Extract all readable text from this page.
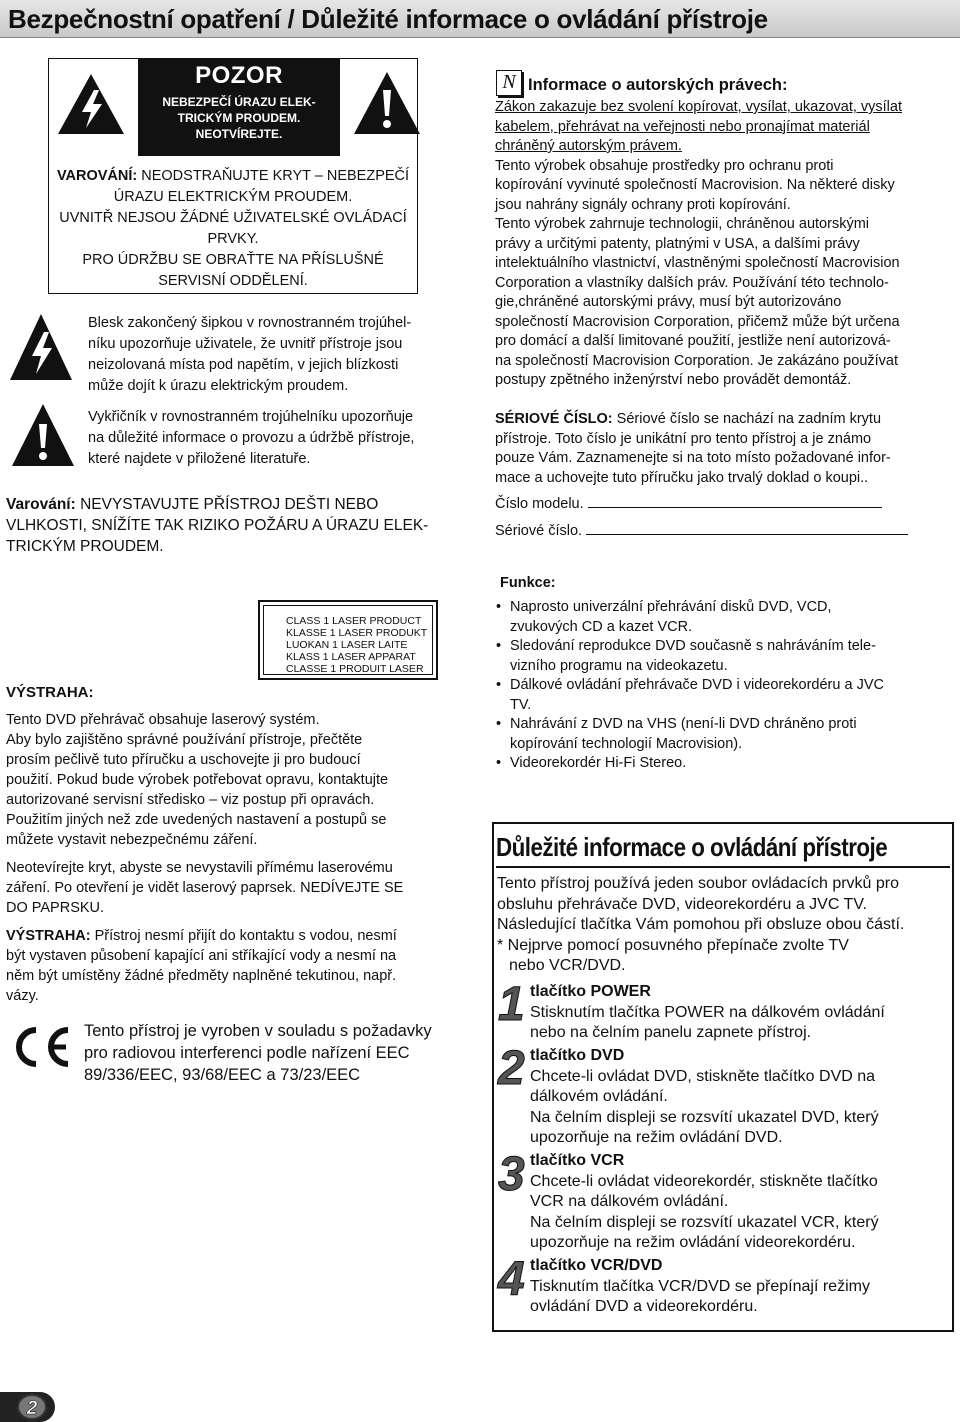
Bezpečnostní opatření / Důležité informace o ovládání přístroje
POZOR
NEBEZPEČÍ ÚRAZU ELEK-
TRICKÝM PROUDEM.
NEOTVÍREJTE.
VAROVÁNÍ: NEODSTRAŇUJTE KRYT – NEBEZPEČÍ
ÚRAZU ELEKTRICKÝM PROUDEM.
UVNITŘ NEJSOU ŽÁDNÉ UŽIVATELSKÉ OVLÁDACÍ
PRVKY.
PRO ÚDRŽBU SE OBRAŤTE NA PŘÍSLUŠNÉ
SERVISNÍ ODDĚLENÍ.
Blesk zakončený šipkou v rovnostranném trojúhel-
níku upozorňuje uživatele, že uvnitř přístroje jsou
neizolovaná místa pod napětím, v jejich blízkosti
může dojít k úrazu elektrickým proudem.
Vykřičník v rovnostranném trojúhelníku upozorňuje
na důležité informace o provozu a údržbě přístroje,
které najdete v přiložené literatuře.
Varování: NEVYSTAVUJTE PŘÍSTROJ DEŠTI NEBO
VLHKOSTI, SNÍŽÍTE TAK RIZIKO POŽÁRU A ÚRAZU ELEK-
TRICKÝM PROUDEM.
CLASS 1 LASER PRODUCT
KLASSE 1 LASER PRODUKT
LUOKAN 1 LASER LAITE
KLASS 1 LASER APPARAT
CLASSE 1 PRODUIT LASER
VÝSTRAHA:

Tento DVD přehrávač obsahuje laserový systém.
Aby bylo zajištěno správné používání přístroje, přečtěte
prosím pečlivě tuto příručku a uschovejte ji pro budoucí
použití. Pokud bude výrobek potřebovat opravu, kontaktujte
autorizované servisní středisko – viz postup při opravách.
Použitím jiných než zde uvedených nastavení a postupů se
můžete vystavit nebezpečnému záření.

Neotevírejte kryt, abyste se nevystavili přímému laserovému
záření. Po otevření je vidět laserový paprsek. NEDÍVEJTE SE
DO PAPRSKU.

VÝSTRAHA: Přístroj nesmí přijít do kontaktu s vodou, nesmí
být vystaven působení kapající ani stříkající vody a nesmí na
něm být umístěny žádné předměty naplněné tekutinou, např.
vázy.

Tento přístroj je vyroben v souladu s požadavky
pro radiovou interferenci podle nařízení EEC
89/336/EEC, 93/68/EEC a 73/23/EEC
N Informace o autorských právech:
Zákon zakazuje bez svolení kopírovat, vysílat, ukazovat, vysílat
kabelem, přehrávat na veřejnosti nebo pronajímat materiál
chráněný autorským právem.
Tento výrobek obsahuje prostředky pro ochranu proti
kopírování vyvinuté společností Macrovision. Na některé disky
jsou nahrány signály ochrany proti kopírování.
Tento výrobek zahrnuje technologii, chráněnou autorskými
právy a určitými patenty, platnými v USA, a dalšími právy
intelektuálního vlastnictví, vlastněnými společností Macrovision
Corporation a vlastníky dalších práv. Používání této technolo-
gie,chráněné autorskými právy, musí být autorizováno
společností Macrovision Corporation, přičemž může být určena
pro domácí a další limitované použití, jestliže není autorizová-
na společností Macrovision Corporation. Je zakázáno používat
postupy zpětného inženýrství nebo provádět demontáž.
SÉRIOVÉ ČÍSLO: Sériové číslo se nachází na zadním krytu
přístroje. Toto číslo je unikátní pro tento přístroj a je známo
pouze Vám. Zaznamenejte si na toto místo požadované infor-
mace a uchovejte tuto příručku jako trvalý doklad o koupi..
Číslo modelu.
Sériové číslo.
Funkce:
• Naprosto univerzální přehrávání disků DVD, VCD,
zvukových CD a kazet VCR.
• Sledování reprodukce DVD současně s nahráváním tele-
vizního programu na videokazetu.
• Dálkové ovládání přehrávače DVD i videorekordéru a JVC
TV.
• Nahrávání z DVD na VHS (není-li DVD chráněno proti
kopírování technologií Macrovision).
• Videorekordér Hi-Fi Stereo.
Důležité informace o ovládání přístroje
Tento přístroj používá jeden soubor ovládacích prvků pro
obsluhu přehrávače DVD, videorekordéru a JVC TV.
Následující tlačítka Vám pomohou při obsluze obou částí.
* Nejprve pomocí posuvného přepínače zvolte TV
nebo VCR/DVD.
1 tlačítko POWER
Stisknutím tlačítka POWER na dálkovém ovládání
nebo na čelním panelu zapnete přístroj.
2 tlačítko DVD
Chcete-li ovládat DVD, stiskněte tlačítko DVD na
dálkovém ovládání.
Na čelním displeji se rozsvítí ukazatel DVD, který
upozorňuje na režim ovládání DVD.
3 tlačítko VCR
Chcete-li ovládat videorekordér, stiskněte tlačítko
VCR na dálkovém ovládání.
Na čelním displeji se rozsvítí ukazatel VCR, který
upozorňuje na režim ovládání videorekordéru.
4 tlačítko VCR/DVD
Tisknutím tlačítka VCR/DVD se přepínají režimy
ovládání DVD a videorekordéru.
2
